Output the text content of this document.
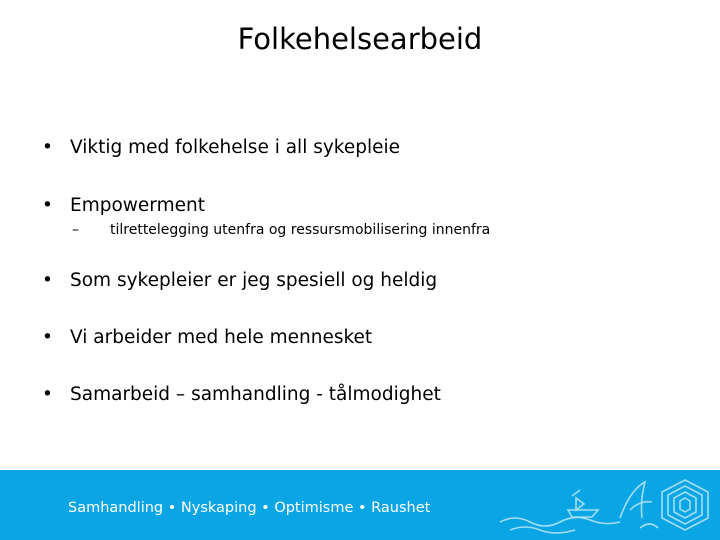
Folkehelsearbeid
• Viktig med folkehelse i all sykepleie
• Empowerment
– tilrettelegging utenfra og ressursmobilisering innenfra
• Som sykepleier er jeg spesiell og heldig
• Vi arbeider med hele mennesket
• Samarbeid – samhandling - tålmodighet
Samhandling • Nyskaping • Optimisme • Raushet
